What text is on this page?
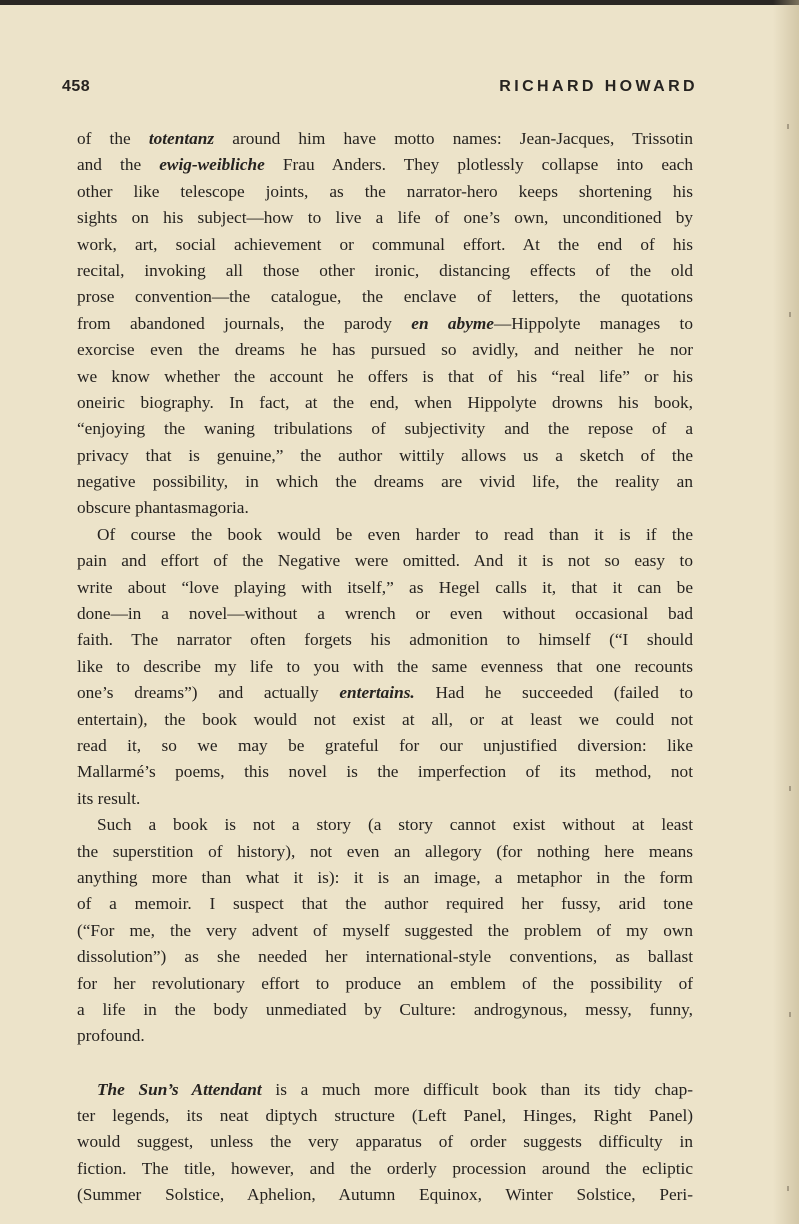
458	RICHARD HOWARD
of the totentanz around him have motto names: Jean-Jacques, Trissotin
and the ewig-weibliche Frau Anders. They plotlessly collapse into each
other like telescope joints, as the narrator-hero keeps shortening his
sights on his subject—how to live a life of one’s own, unconditioned by
work, art, social achievement or communal effort. At the end of his
recital, invoking all those other ironic, distancing effects of the old
prose convention—the catalogue, the enclave of letters, the quotations
from abandoned journals, the parody en abyme—Hippolyte manages to
exorcise even the dreams he has pursued so avidly, and neither he nor
we know whether the account he offers is that of his “real life” or his
oneiric biography. In fact, at the end, when Hippolyte drowns his book,
“enjoying the waning tribulations of subjectivity and the repose of a
privacy that is genuine,” the author wittily allows us a sketch of the
negative possibility, in which the dreams are vivid life, the reality an
obscure phantasmagoria.
Of course the book would be even harder to read than it is if the
pain and effort of the Negative were omitted. And it is not so easy to
write about “love playing with itself,” as Hegel calls it, that it can be
done—in a novel—without a wrench or even without occasional bad
faith. The narrator often forgets his admonition to himself (“I should
like to describe my life to you with the same evenness that one recounts
one’s dreams”) and actually entertains. Had he succeeded (failed to
entertain), the book would not exist at all, or at least we could not
read it, so we may be grateful for our unjustified diversion: like
Mallarmé’s poems, this novel is the imperfection of its method, not
its result.
Such a book is not a story (a story cannot exist without at least
the superstition of history), not even an allegory (for nothing here means
anything more than what it is): it is an image, a metaphor in the form
of a memoir. I suspect that the author required her fussy, arid tone
(“For me, the very advent of myself suggested the problem of my own
dissolution”) as she needed her international-style conventions, as ballast
for her revolutionary effort to produce an emblem of the possibility of
a life in the body unmediated by Culture: androgynous, messy, funny,
profound.
The Sun’s Attendant is a much more difficult book than its tidy chap-
ter legends, its neat diptych structure (Left Panel, Hinges, Right Panel)
would suggest, unless the very apparatus of order suggests difficulty in
fiction. The title, however, and the orderly procession around the ecliptic
(Summer Solstice, Aphelion, Autumn Equinox, Winter Solstice, Peri-
